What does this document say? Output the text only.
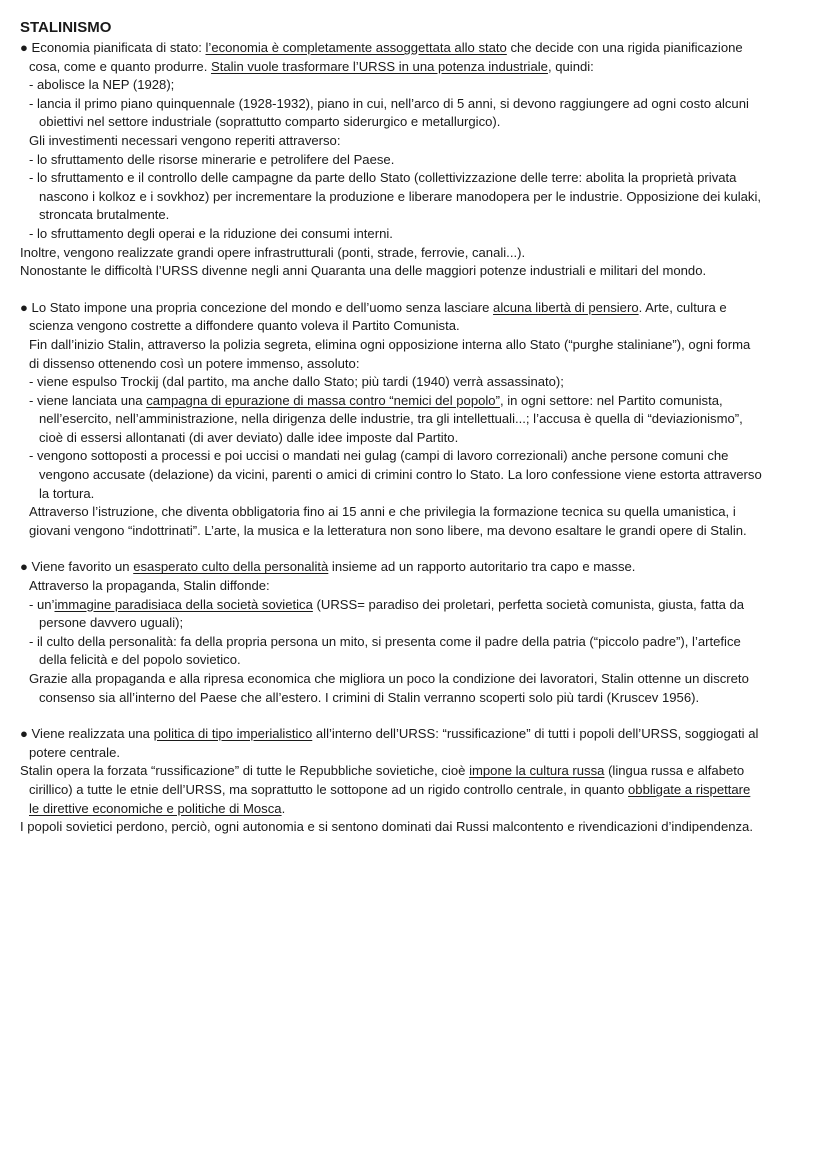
STALINISMO

● Economia pianificata di stato: l’economia è completamente assoggettata allo stato che decide con una rigida pianificazione

cosa, come e quanto produrre. Stalin vuole trasformare l’URSS in una potenza industriale, quindi:

- abolisce la NEP (1928);

- lancia il primo piano quinquennale (1928-1932), piano in cui, nell’arco di 5 anni, si devono raggiungere ad ogni costo alcuni

obiettivi nel settore industriale (soprattutto comparto siderurgico e metallurgico).

Gli investimenti necessari vengono reperiti attraverso:

- lo sfruttamento delle risorse minerarie e petrolifere del Paese.

- lo sfruttamento e il controllo delle campagne da parte dello Stato (collettivizzazione delle terre: abolita la proprietà privata

nascono i kolkoz e i sovkhoz) per incrementare la produzione e liberare manodopera per le industrie. Opposizione dei kulaki,

stroncata brutalmente.

- lo sfruttamento degli operai e la riduzione dei consumi interni.

Inoltre, vengono realizzate grandi opere infrastrutturali (ponti, strade, ferrovie, canali...).

Nonostante le difficoltà l’URSS divenne negli anni Quaranta una delle maggiori potenze industriali e militari del mondo.

● Lo Stato impone una propria concezione del mondo e dell’uomo senza lasciare alcuna libertà di pensiero. Arte, cultura e

scienza vengono costrette a diffondere quanto voleva il Partito Comunista.

Fin dall’inizio Stalin, attraverso la polizia segreta, elimina ogni opposizione interna allo Stato (“purghe staliniane”), ogni forma

di dissenso ottenendo così un potere immenso, assoluto:

- viene espulso Trockij (dal partito, ma anche dallo Stato; più tardi (1940) verrà assassinato);

- viene lanciata una campagna di epurazione di massa contro “nemici del popolo”, in ogni settore: nel Partito comunista,

nell’esercito, nell’amministrazione, nella dirigenza delle industrie, tra gli intellettuali...; l’accusa è quella di “deviazionismo”,

cioè di essersi allontanati (di aver deviato) dalle idee imposte dal Partito.

- vengono sottoposti a processi e poi uccisi o mandati nei gulag (campi di lavoro correzionali) anche persone comuni che

vengono accusate (delazione) da vicini, parenti o amici di crimini contro lo Stato. La loro confessione viene estorta attraverso

la tortura.

Attraverso l’istruzione, che diventa obbligatoria fino ai 15 anni e che privilegia la formazione tecnica su quella umanistica, i

giovani vengono “indottrinati”. L’arte, la musica e la letteratura non sono libere, ma devono esaltare le grandi opere di Stalin.

● Viene favorito un esasperato culto della personalità insieme ad un rapporto autoritario tra capo e masse.

Attraverso la propaganda, Stalin diffonde:

- un’immagine paradisiaca della società sovietica (URSS= paradiso dei proletari, perfetta società comunista, giusta, fatta da

persone davvero uguali);

- il culto della personalità: fa della propria persona un mito, si presenta come il padre della patria (“piccolo padre”), l’artefice

della felicità e del popolo sovietico.

Grazie alla propaganda e alla ripresa economica che migliora un poco la condizione dei lavoratori, Stalin ottenne un discreto

consenso sia all’interno del Paese che all’estero. I crimini di Stalin verranno scoperti solo più tardi (Kruscev 1956).

● Viene realizzata una politica di tipo imperialistico all’interno dell’URSS: “russificazione” di tutti i popoli dell’URSS, soggiogati al

potere centrale.

Stalin opera la forzata “russificazione” di tutte le Repubbliche sovietiche, cioè impone la cultura russa (lingua russa e alfabeto

cirillico) a tutte le etnie dell’URSS, ma soprattutto le sottopone ad un rigido controllo centrale, in quanto obbligate a rispettare

le direttive economiche e politiche di Mosca.

I popoli sovietici perdono, perciò, ogni autonomia e si sentono dominati dai Russi malcontento e rivendicazioni d’indipendenza.
